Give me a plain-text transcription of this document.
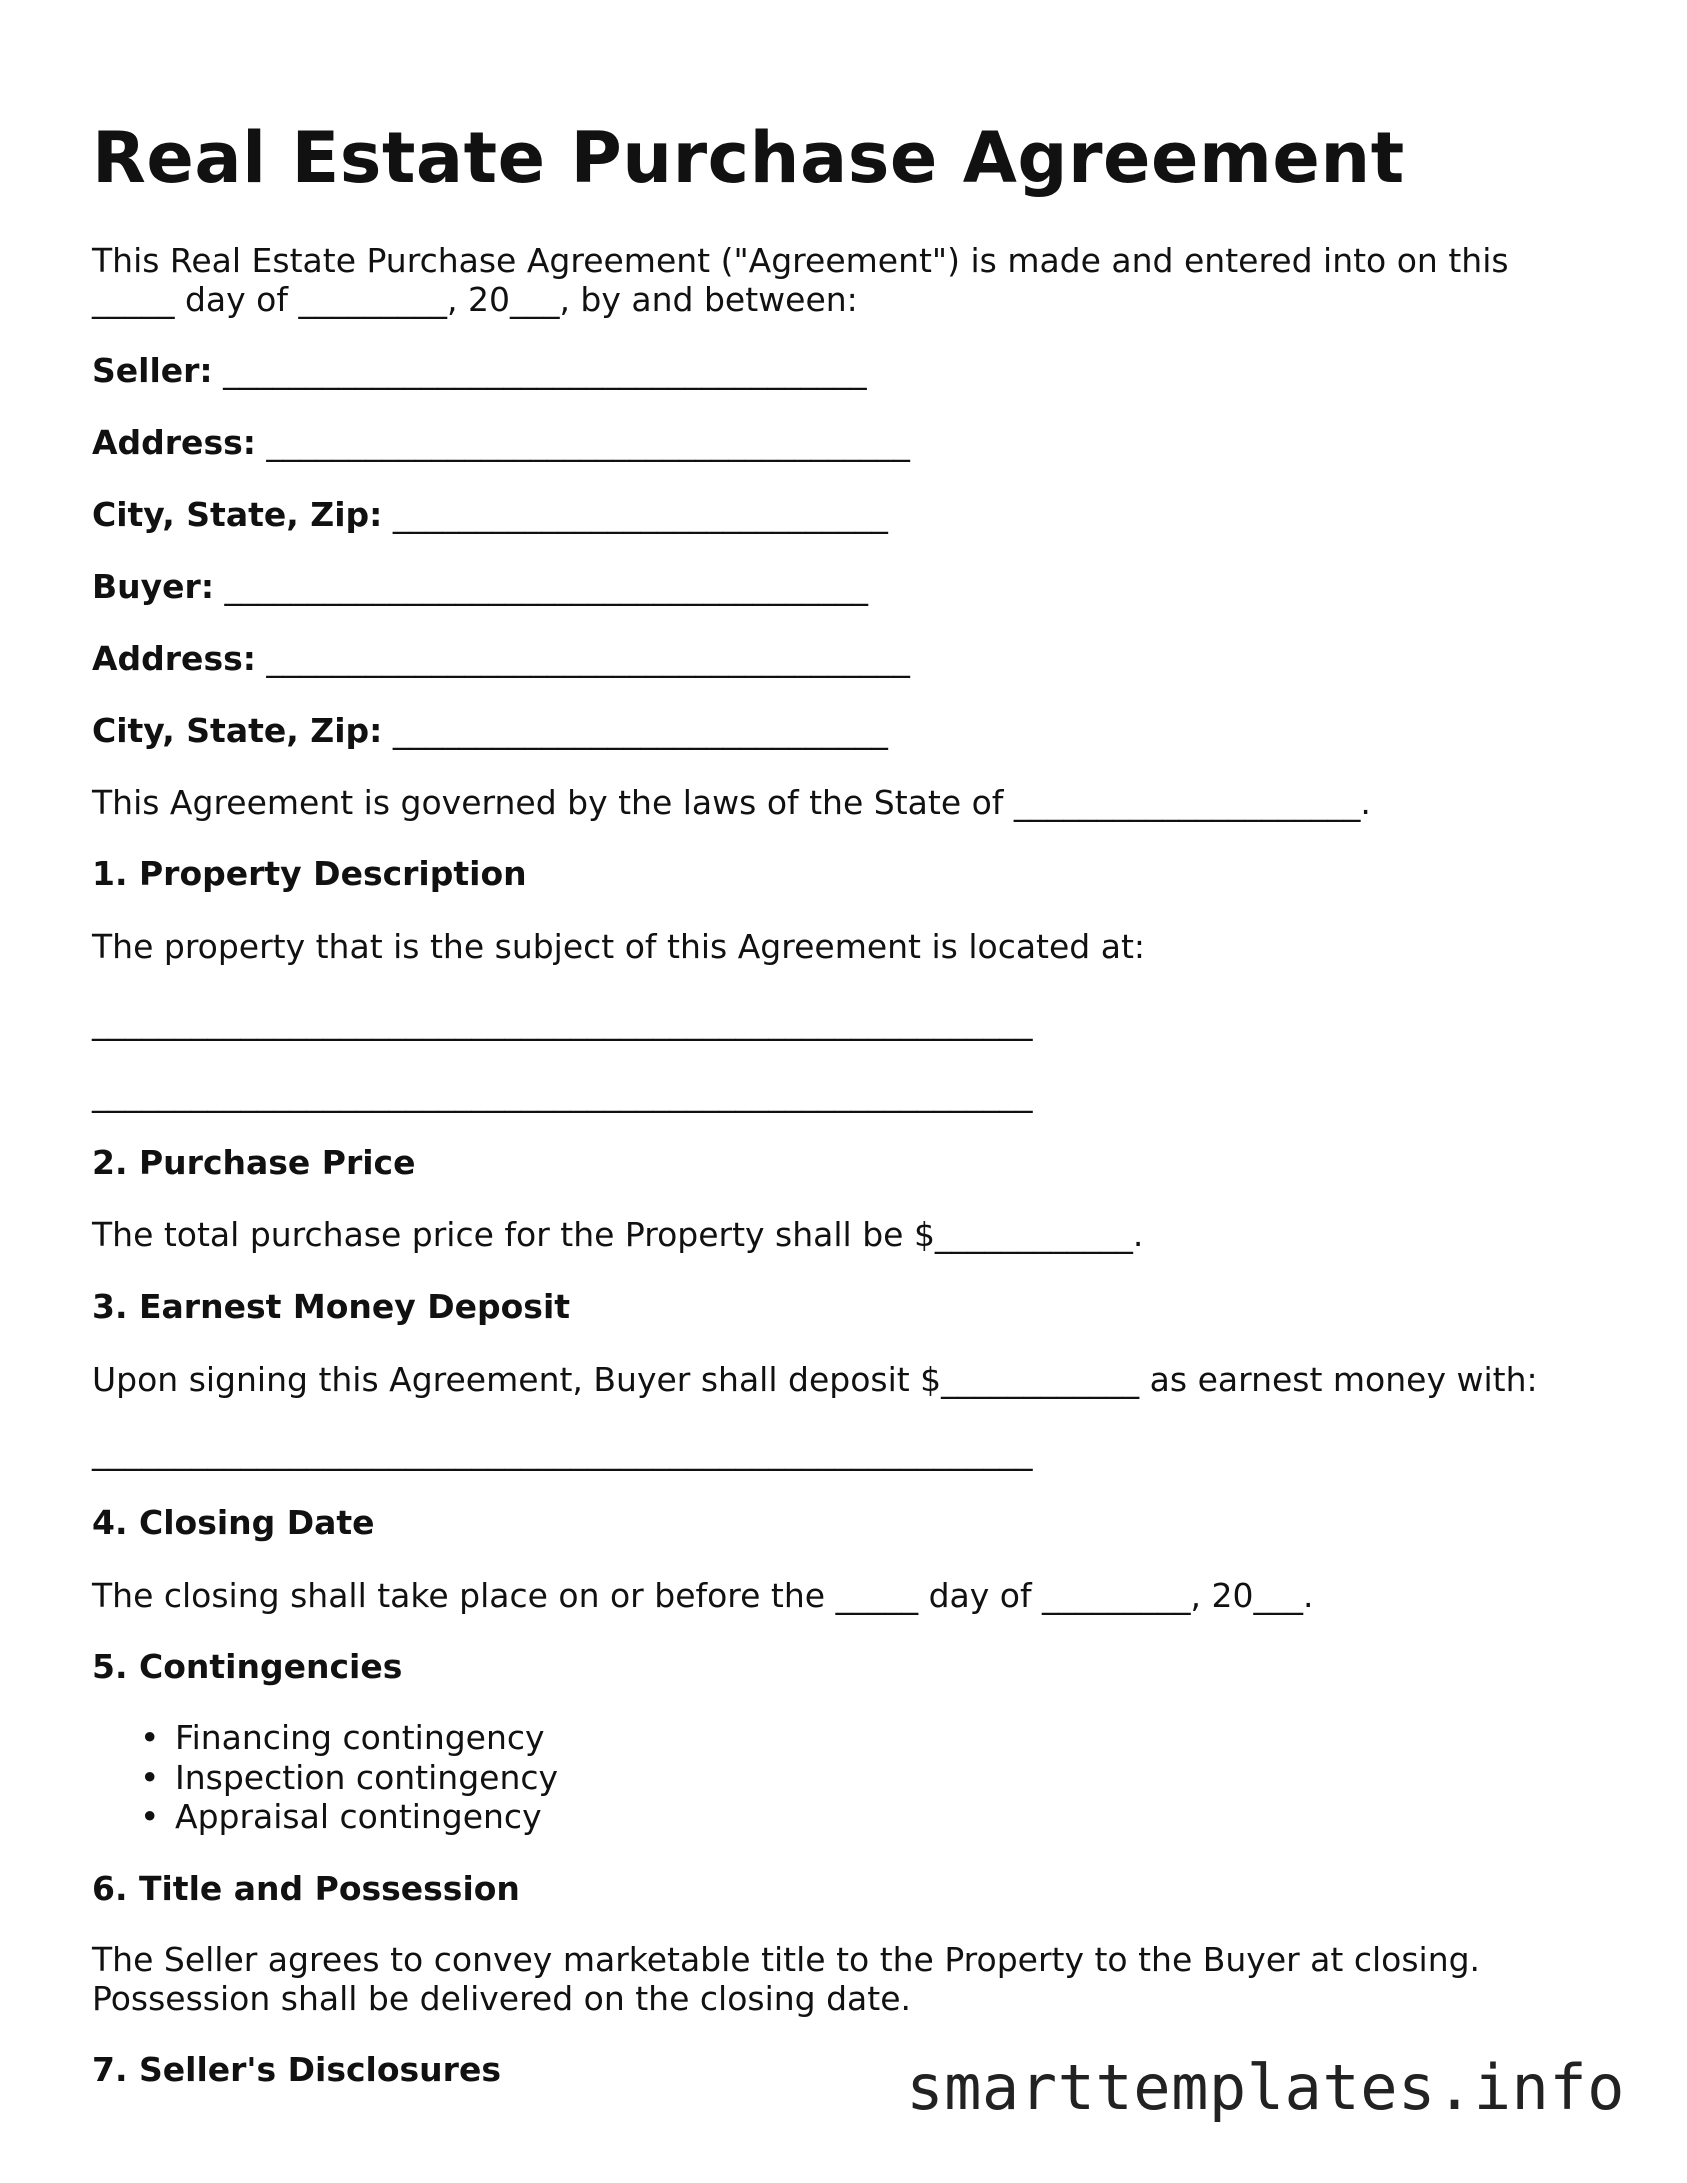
Real Estate Purchase Agreement

This Real Estate Purchase Agreement ("Agreement") is made and entered into on this

_____ day of _________, 20___, by and between:

Seller: _______________________________________

Address: _______________________________________

City, State, Zip: ______________________________

Buyer: _______________________________________

Address: _______________________________________

City, State, Zip: ______________________________

This Agreement is governed by the laws of the State of _____________________.

1. Property Description

The property that is the subject of this Agreement is located at:

_________________________________________________________

_________________________________________________________

2. Purchase Price

The total purchase price for the Property shall be $____________.

3. Earnest Money Deposit

Upon signing this Agreement, Buyer shall deposit $____________ as earnest money with:

_________________________________________________________

4. Closing Date

The closing shall take place on or before the _____ day of _________, 20___.

5. Contingencies
• Financing contingency
• Inspection contingency
• Appraisal contingency
6. Title and Possession

The Seller agrees to convey marketable title to the Property to the Buyer at closing.

Possession shall be delivered on the closing date.

7. Seller's Disclosures	smarttemplates.info
